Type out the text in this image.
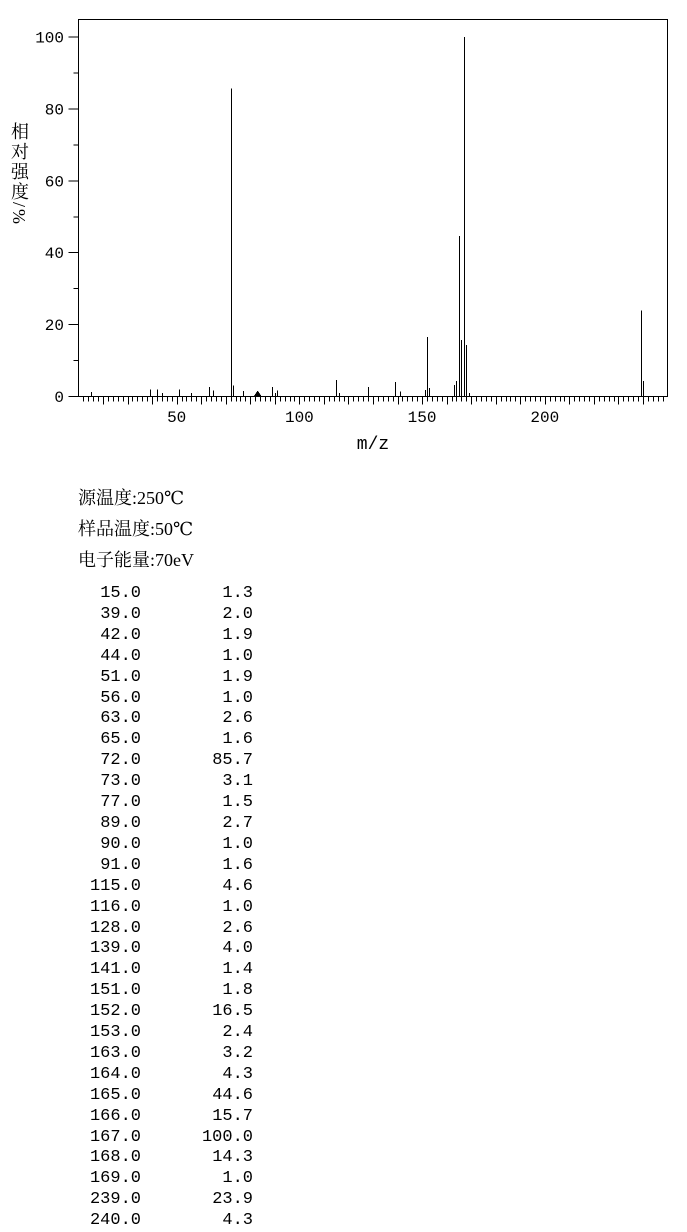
0
20
40
60
80
100
50	100	150	200
m/z
相对强度/%
源温度:250℃
样品温度:50℃
电子能量:70eV
15.0	1.3
39.0	2.0
42.0	1.9
44.0	1.0
51.0	1.9
56.0	1.0
63.0	2.6
65.0	1.6
72.0	85.7
73.0	3.1
77.0	1.5
89.0	2.7
90.0	1.0
91.0	1.6
115.0	4.6
116.0	1.0
128.0	2.6
139.0	4.0
141.0	1.4
151.0	1.8
152.0	16.5
153.0	2.4
163.0	3.2
164.0	4.3
165.0	44.6
166.0	15.7
167.0	100.0
168.0	14.3
169.0	1.0
239.0	23.9
240.0	4.3
